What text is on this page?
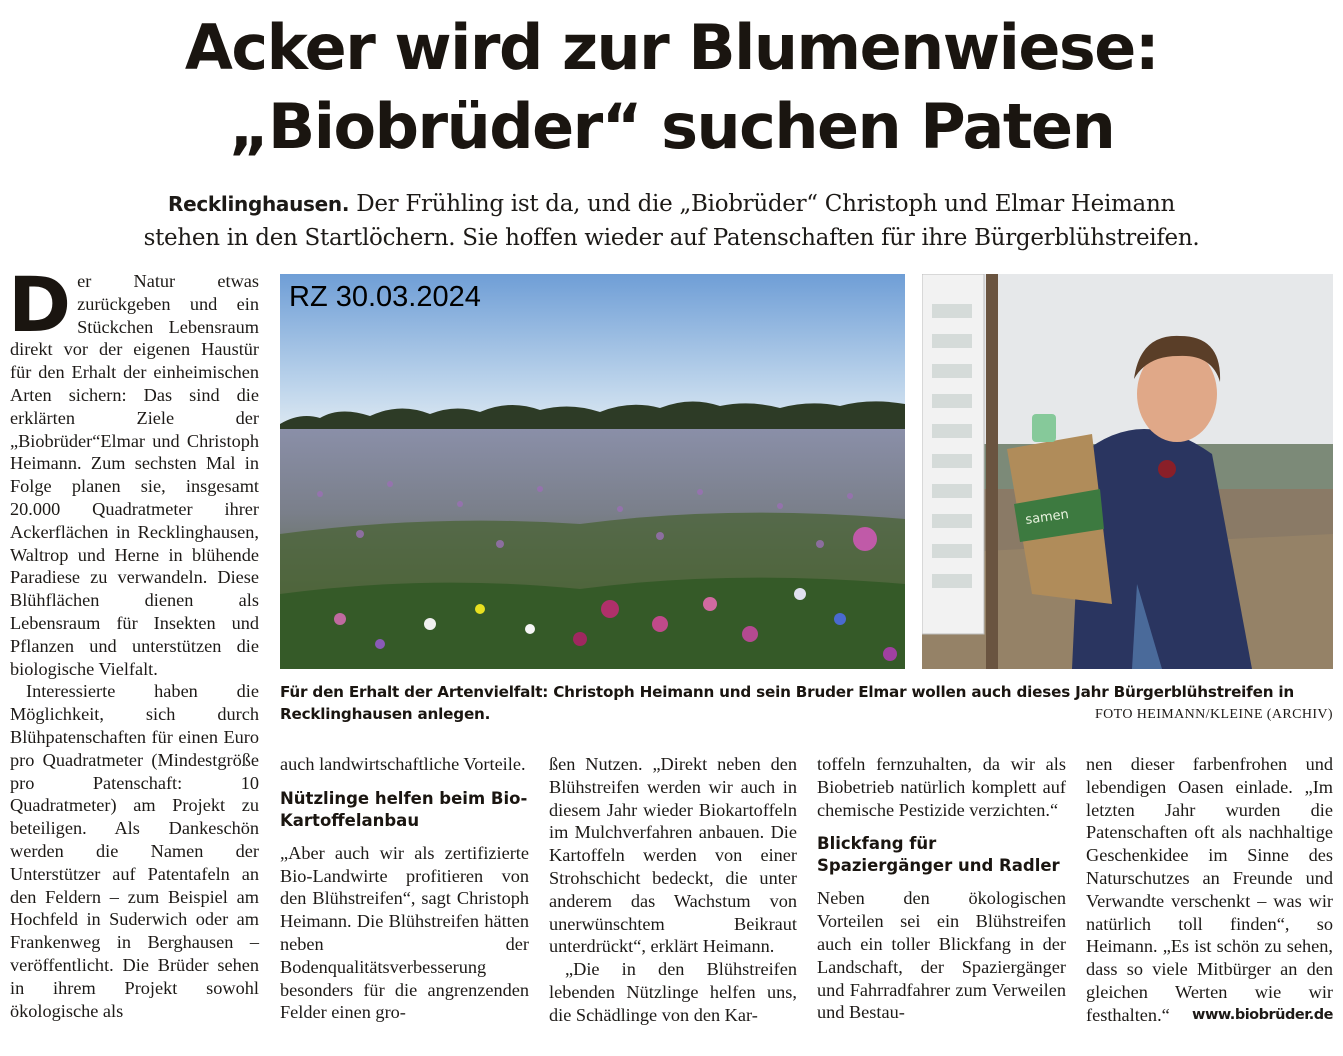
Acker wird zur Blumenwiese:
„Biobrüder“ suchen Paten
Recklinghausen. Der Frühling ist da, und die „Biobrüder“ Christoph und Elmar Heimann
stehen in den Startlöchern. Sie hoffen wieder auf Patenschaften für ihre Bürgerblühstreifen.

Der Natur etwas zurückgeben und ein Stückchen Lebensraum direkt vor der eigenen Haustür für den Erhalt der einheimischen Arten sichern: Das sind die erklärten Ziele der „Biobrüder“Elmar und Christoph Heimann. Zum sechsten Mal in Folge planen sie, insgesamt 20.000 Quadratmeter ihrer Ackerflächen in Recklinghausen, Waltrop und Herne in blühende Paradiese zu verwandeln. Diese Blühflächen dienen als Lebensraum für Insekten und Pflanzen und unterstützen die biologische Vielfalt.

Interessierte haben die Möglichkeit, sich durch Blühpatenschaften für einen Euro pro Quadratmeter (Mindestgröße pro Patenschaft: 10 Quadratmeter) am Projekt zu beteiligen. Als Dankeschön werden die Namen der Unterstützer auf Patentafeln an den Feldern – zum Beispiel am Hochfeld in Suderwich oder am Frankenweg in Berghausen – veröffentlicht. Die Brüder sehen in ihrem Projekt sowohl ökologische als

RZ 30.03.2024
samen
Für den Erhalt der Artenvielfalt: Christoph Heimann und sein Bruder Elmar wollen auch dieses Jahr Bürgerblühstreifen in Recklinghausen anlegen.	FOTO HEIMANN/KLEINE (ARCHIV)

auch landwirtschaftliche Vorteile.

Nützlinge helfen beim Bio-Kartoffelanbau

„Aber auch wir als zertifizierte Bio-Landwirte profitieren von den Blühstreifen“, sagt Christoph Heimann. Die Blühstreifen hätten neben der Bodenqualitätsverbesserung besonders für die angrenzenden Felder einen gro-

ßen Nutzen. „Direkt neben den Blühstreifen werden wir auch in diesem Jahr wieder Biokartoffeln im Mulchverfahren anbauen. Die Kartoffeln werden von einer Strohschicht bedeckt, die unter anderem das Wachstum von unerwünschtem Beikraut unterdrückt“, erklärt Heimann.

„Die in den Blühstreifen lebenden Nützlinge helfen uns, die Schädlinge von den Kar-

toffeln fernzuhalten, da wir als Biobetrieb natürlich komplett auf chemische Pestizide verzichten.“

Blickfang für Spaziergänger und Radler

Neben den ökologischen Vorteilen sei ein Blühstreifen auch ein toller Blickfang in der Landschaft, der Spaziergänger und Fahrradfahrer zum Verweilen und Bestau-

nen dieser farbenfrohen und lebendigen Oasen einlade. „Im letzten Jahr wurden die Patenschaften oft als nachhaltige Geschenkidee im Sinne des Naturschutzes an Freunde und Verwandte verschenkt – was wir natürlich toll finden“, so Heimann. „Es ist schön zu sehen, dass so viele Mitbürger an den gleichen Werten wie wir festhalten.“ www.biobrüder.de
